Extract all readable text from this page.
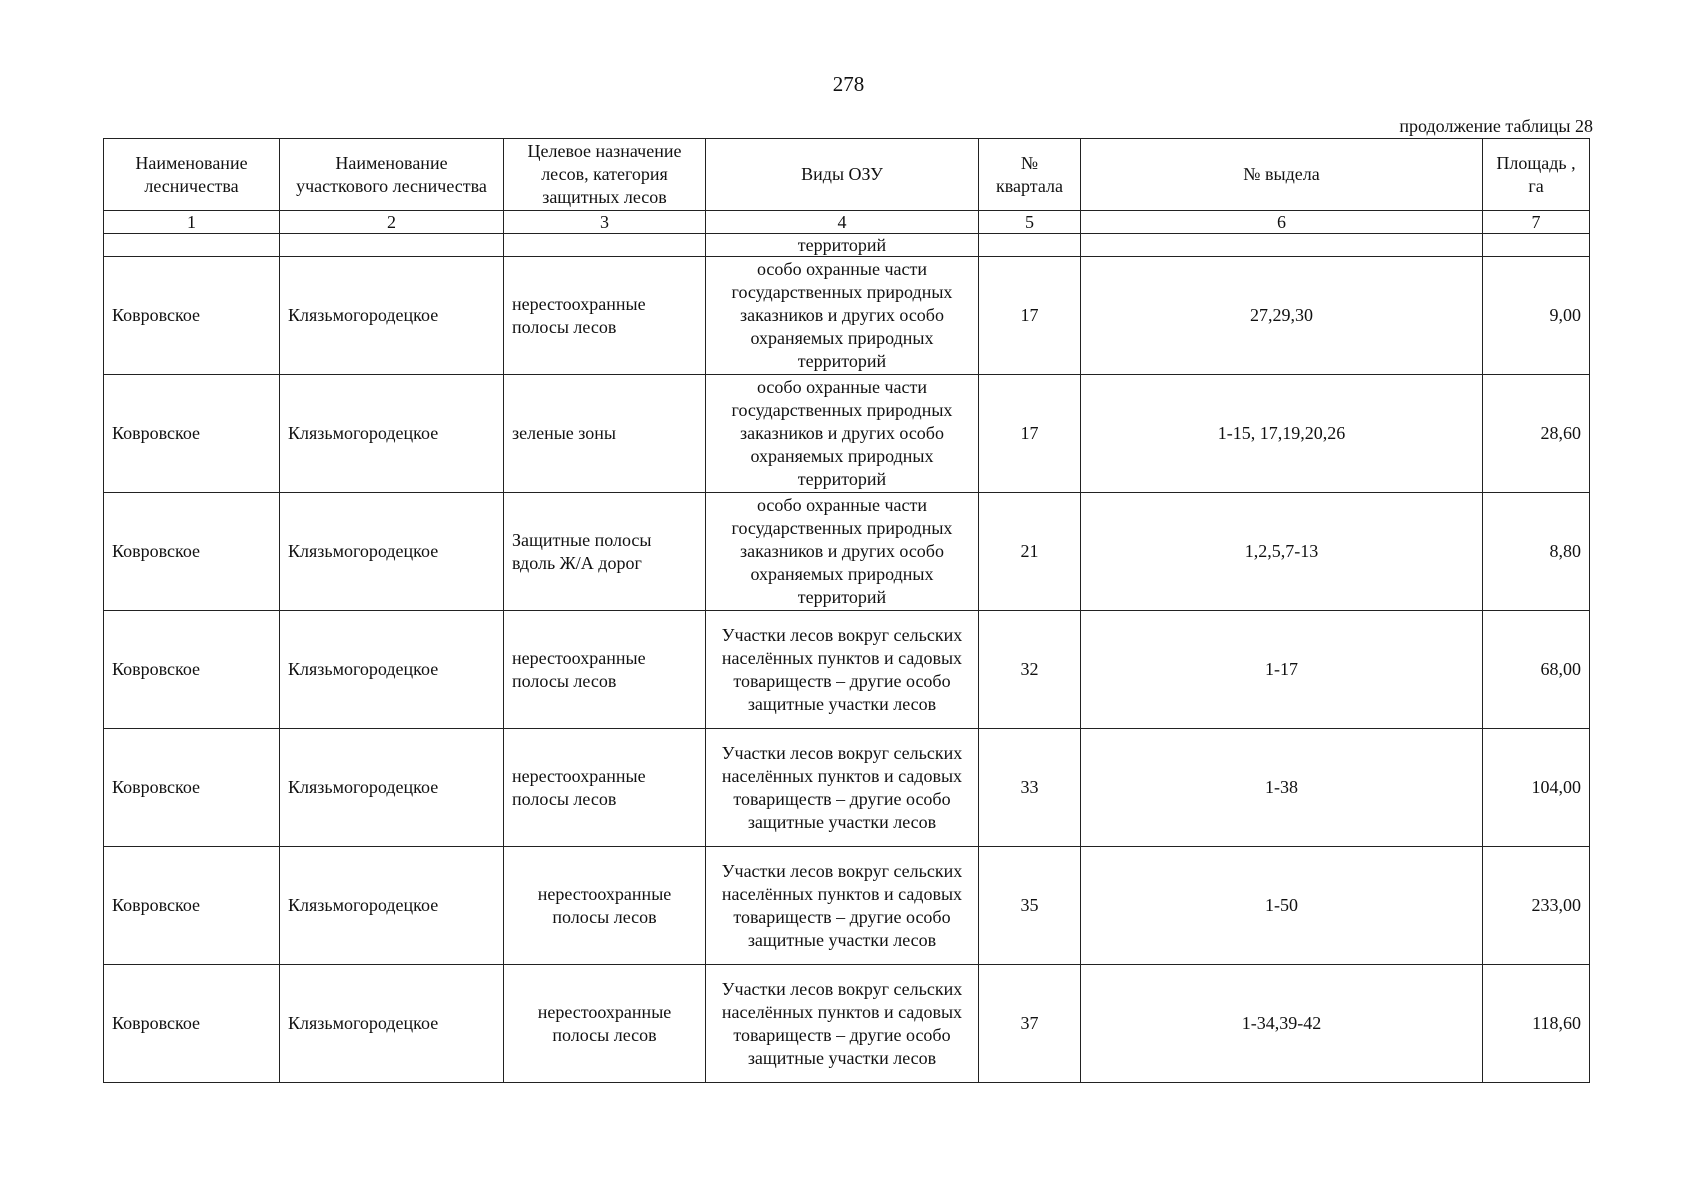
278
продолжение таблицы 28
Наименование лесничества	Наименование участкового лесничества	Целевое назначение лесов, категория защитных лесов	Виды ОЗУ	№ квартала	№ выдела	Площадь , га
1	2	3	4	5	6	7
			территорий			
Ковровское	Клязьмогородецкое	нерестоохранные полосы лесов	особо охранные части государственных природных заказников и других особо охраняемых природных территорий	17	27,29,30	9,00
Ковровское	Клязьмогородецкое	зеленые зоны	особо охранные части государственных природных заказников и других особо охраняемых природных территорий	17	1-15, 17,19,20,26	28,60
Ковровское	Клязьмогородецкое	Защитные полосы вдоль Ж/А дорог	особо охранные части государственных природных заказников и других особо охраняемых природных территорий	21	1,2,5,7-13	8,80
Ковровское	Клязьмогородецкое	нерестоохранные полосы лесов	Участки лесов вокруг сельских населённых пунктов и садовых товариществ – другие особо защитные участки лесов	32	1-17	68,00
Ковровское	Клязьмогородецкое	нерестоохранные полосы лесов	Участки лесов вокруг сельских населённых пунктов и садовых товариществ – другие особо защитные участки лесов	33	1-38	104,00
Ковровское	Клязьмогородецкое	нерестоохранные полосы лесов	Участки лесов вокруг сельских населённых пунктов и садовых товариществ – другие особо защитные участки лесов	35	1-50	233,00
Ковровское	Клязьмогородецкое	нерестоохранные полосы лесов	Участки лесов вокруг сельских населённых пунктов и садовых товариществ – другие особо защитные участки лесов	37	1-34,39-42	118,60
